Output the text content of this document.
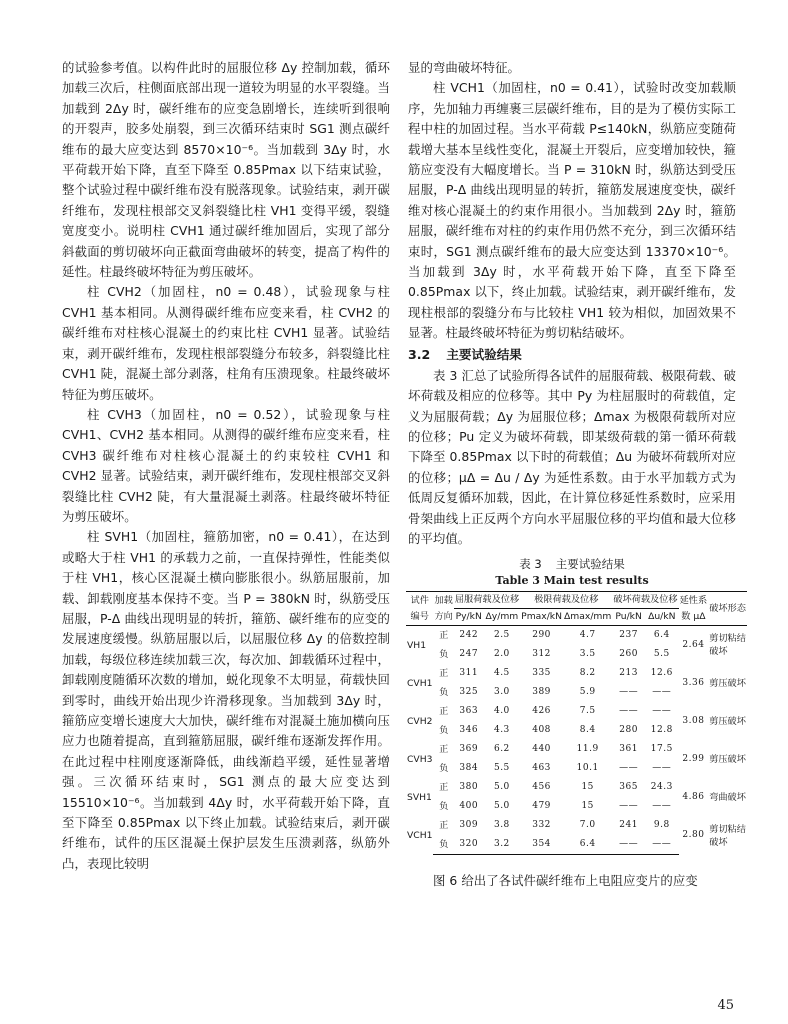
的试验参考值。以构件此时的屈服位移 Δy 控制加载，循环加载三次后，柱侧面底部出现一道较为明显的水平裂缝。当加载到 2Δy 时，碳纤维布的应变急剧增长，连续听到很响的开裂声，胶多处崩裂，到三次循环结束时 SG1 测点碳纤维布的最大应变达到 8570×10⁻⁶。当加载到 3Δy 时，水平荷载开始下降，直至下降至 0.85Pmax 以下结束试验，整个试验过程中碳纤维布没有脱落现象。试验结束，剥开碳纤维布，发现柱根部交叉斜裂缝比柱 VH1 变得平缓，裂缝宽度变小。说明柱 CVH1 通过碳纤维加固后，实现了部分斜截面的剪切破坏向正截面弯曲破坏的转变，提高了构件的延性。柱最终破坏特征为剪压破坏。

柱 CVH2（加固柱，n0 = 0.48），试验现象与柱 CVH1 基本相同。从测得碳纤维布应变来看，柱 CVH2 的碳纤维布对柱核心混凝土的约束比柱 CVH1 显著。试验结束，剥开碳纤维布，发现柱根部裂缝分布较多，斜裂缝比柱 CVH1 陡，混凝土部分剥落，柱角有压溃现象。柱最终破坏特征为剪压破坏。

柱 CVH3（加固柱，n0 = 0.52），试验现象与柱 CVH1、CVH2 基本相同。从测得的碳纤维布应变来看，柱 CVH3 碳纤维布对柱核心混凝土的约束较柱 CVH1 和 CVH2 显著。试验结束，剥开碳纤维布，发现柱根部交叉斜裂缝比柱 CVH2 陡，有大量混凝土剥落。柱最终破坏特征为剪压破坏。

柱 SVH1（加固柱，箍筋加密，n0 = 0.41），在达到或略大于柱 VH1 的承载力之前，一直保持弹性，性能类似于柱 VH1，核心区混凝土横向膨胀很小。纵筋屈服前，加载、卸载刚度基本保持不变。当 P = 380kN 时，纵筋受压屈服，P-Δ 曲线出现明显的转折，箍筋、碳纤维布的应变的发展速度缓慢。纵筋屈服以后，以屈服位移 Δy 的倍数控制加载，每级位移连续加载三次，每次加、卸载循环过程中，卸载刚度随循环次数的增加，蜕化现象不太明显，荷载快回到零时，曲线开始出现少许滑移现象。当加载到 3Δy 时，箍筋应变增长速度大大加快，碳纤维布对混凝土施加横向压应力也随着提高，直到箍筋屈服，碳纤维布逐渐发挥作用。在此过程中柱刚度逐渐降低，曲线渐趋平缓，延性显著增强。三次循环结束时，SG1 测点的最大应变达到 15510×10⁻⁶。当加载到 4Δy 时，水平荷载开始下降，直至下降至 0.85Pmax 以下终止加载。试验结束后，剥开碳纤维布，试件的压区混凝土保护层发生压溃剥落，纵筋外凸，表现比较明

显的弯曲破坏特征。

柱 VCH1（加固柱，n0 = 0.41），试验时改变加载顺序，先加轴力再缠裹三层碳纤维布，目的是为了模仿实际工程中柱的加固过程。当水平荷载 P≤140kN，纵筋应变随荷载增大基本呈线性变化，混凝土开裂后，应变增加较快，箍筋应变没有大幅度增长。当 P = 310kN 时，纵筋达到受压屈服，P-Δ 曲线出现明显的转折，箍筋发展速度变快，碳纤维对核心混凝土的约束作用很小。当加载到 2Δy 时，箍筋屈服，碳纤维布对柱的约束作用仍然不充分，到三次循环结束时，SG1 测点碳纤维布的最大应变达到 13370×10⁻⁶。当加载到 3Δy 时，水平荷载开始下降，直至下降至 0.85Pmax 以下，终止加载。试验结束，剥开碳纤维布，发现柱根部的裂缝分布与比较柱 VH1 较为相似，加固效果不显著。柱最终破坏特征为剪切粘结破坏。

3.2 主要试验结果

表 3 汇总了试验所得各试件的屈服荷载、极限荷载、破坏荷载及相应的位移等。其中 Py 为柱屈服时的荷载值，定义为屈服荷载；Δy 为屈服位移；Δmax 为极限荷载所对应的位移；Pu 定义为破坏荷载，即某级荷载的第一循环荷载下降至 0.85Pmax 以下时的荷载值；Δu 为破坏荷载所对应的位移；μΔ = Δu / Δy 为延性系数。由于水平加载方式为低周反复循环加载，因此，在计算位移延性系数时，应采用骨架曲线上正反两个方向水平屈服位移的平均值和最大位移的平均值。

表 3 主要试验结果
Table 3 Main test results
试件	加载	屈服荷载及位移		极限荷载及位移		破坏荷载及位移		延性系	破坏形态
编号	方向	Py/kN	Δy/mm	Pmax/kN	Δmax/mm	Pu/kN	Δu/kN	数 μΔ	
VH1	正	242	2.5	290	4.7	237	6.4	2.64	剪切粘结破坏
	负	247	2.0	312	3.5	260	5.5		
CVH1	正	311	4.5	335	8.2	213	12.6	3.36	剪压破坏
	负	325	3.0	389	5.9	——	——		
CVH2	正	363	4.0	426	7.5	——	——	3.08	剪压破坏
	负	346	4.3	408	8.4	280	12.8		
CVH3	正	369	6.2	440	11.9	361	17.5	2.99	剪压破坏
	负	384	5.5	463	10.1	——	——		
SVH1	正	380	5.0	456	15	365	24.3	4.86	弯曲破坏
	负	400	5.0	479	15	——	——		
VCH1	正	309	3.8	332	7.0	241	9.8	2.80	剪切粘结破坏
	负	320	3.2	354	6.4	——	——		

图 6 给出了各试件碳纤维布上电阻应变片的应变

45
